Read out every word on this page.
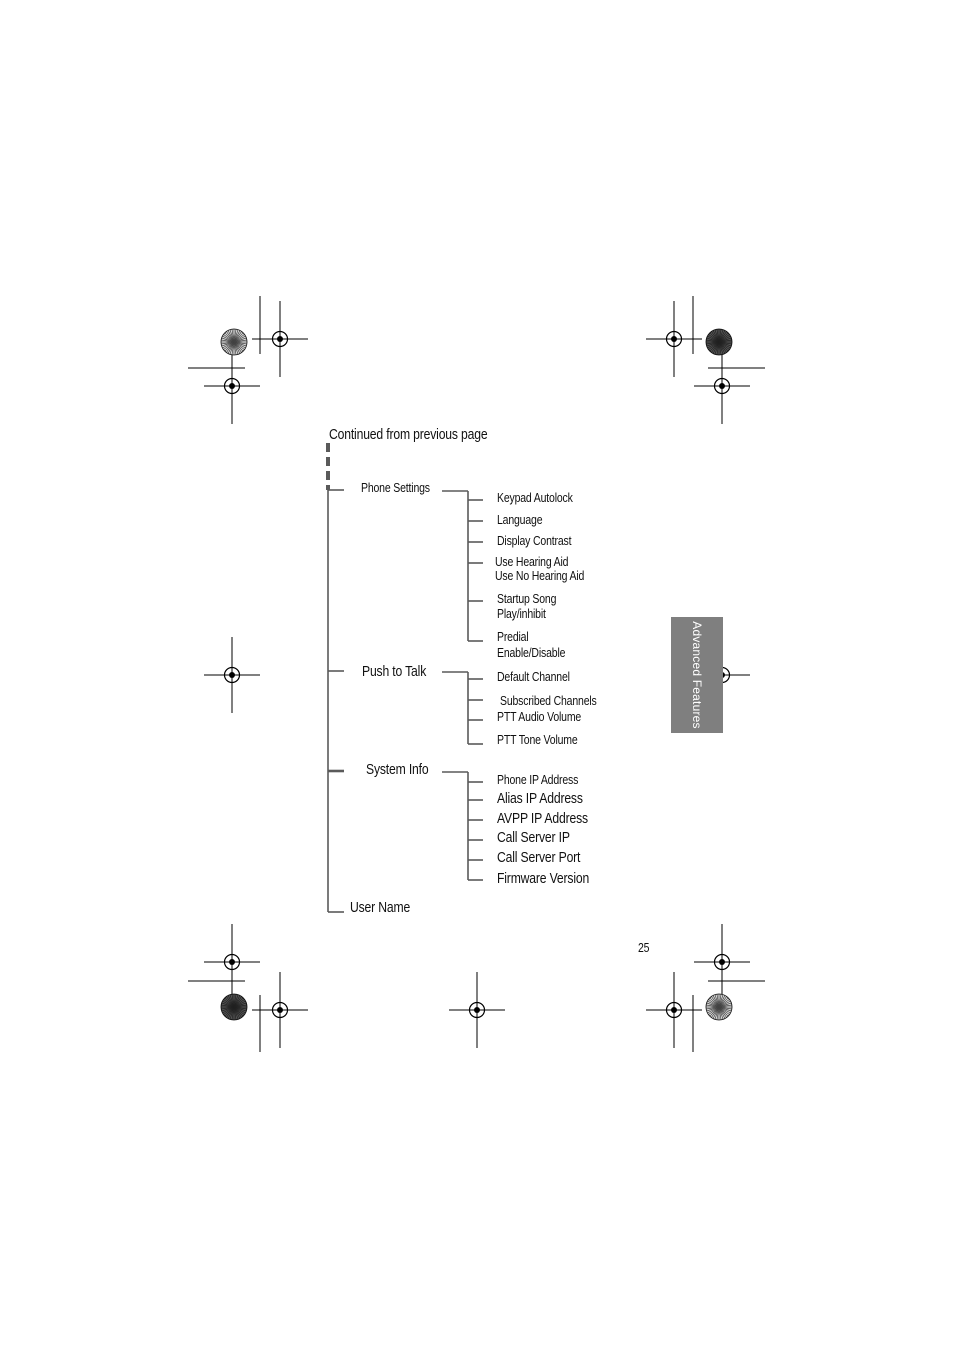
Continued from previous page
Phone Settings
Keypad Autolock
Language
Display Contrast
Use Hearing Aid
Use No Hearing Aid
Startup Song
Play/inhibit
Predial
Enable/Disable
Push to Talk	Default Channel
Subscribed Channels
PTT Audio Volume
PTT Tone Volume
System Info
Phone IP Address
Alias IP Address
AVPP IP Address
Call Server IP
Call Server Port
Firmware Version
User Name
Advanced Features
25
